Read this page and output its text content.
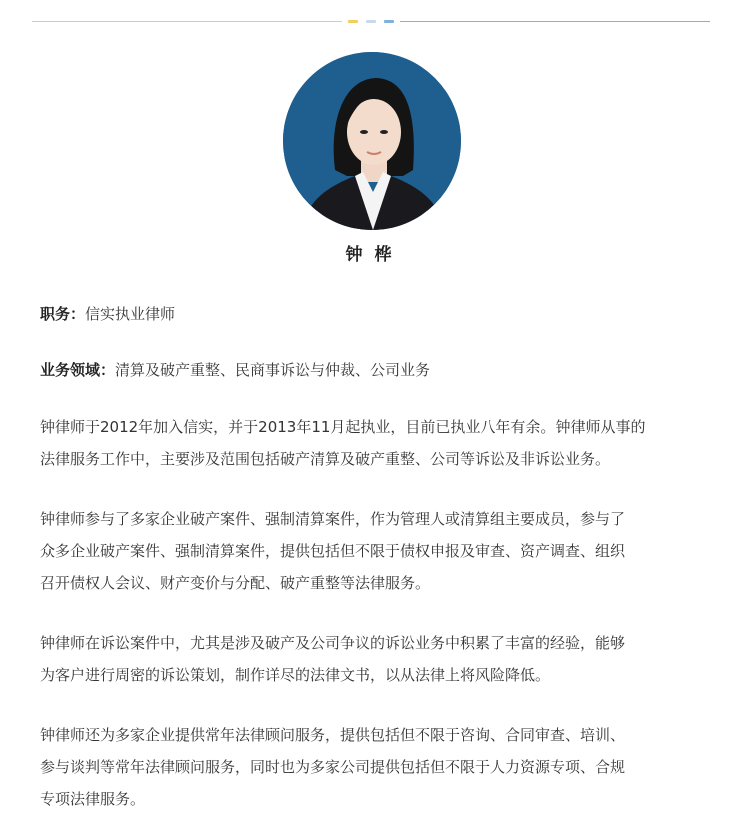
钟 桦
职务：信实执业律师
业务领域：清算及破产重整、民商事诉讼与仲裁、公司业务
钟律师于2012年加入信实，并于2013年11月起执业，目前已执业八年有余。钟律师从事的
法律服务工作中，主要涉及范围包括破产清算及破产重整、公司等诉讼及非诉讼业务。
钟律师参与了多家企业破产案件、强制清算案件，作为管理人或清算组主要成员，参与了
众多企业破产案件、强制清算案件，提供包括但不限于债权申报及审查、资产调查、组织
召开债权人会议、财产变价与分配、破产重整等法律服务。
钟律师在诉讼案件中，尤其是涉及破产及公司争议的诉讼业务中积累了丰富的经验，能够
为客户进行周密的诉讼策划，制作详尽的法律文书，以从法律上将风险降低。
钟律师还为多家企业提供常年法律顾问服务，提供包括但不限于咨询、合同审查、培训、
参与谈判等常年法律顾问服务，同时也为多家公司提供包括但不限于人力资源专项、合规
专项法律服务。
